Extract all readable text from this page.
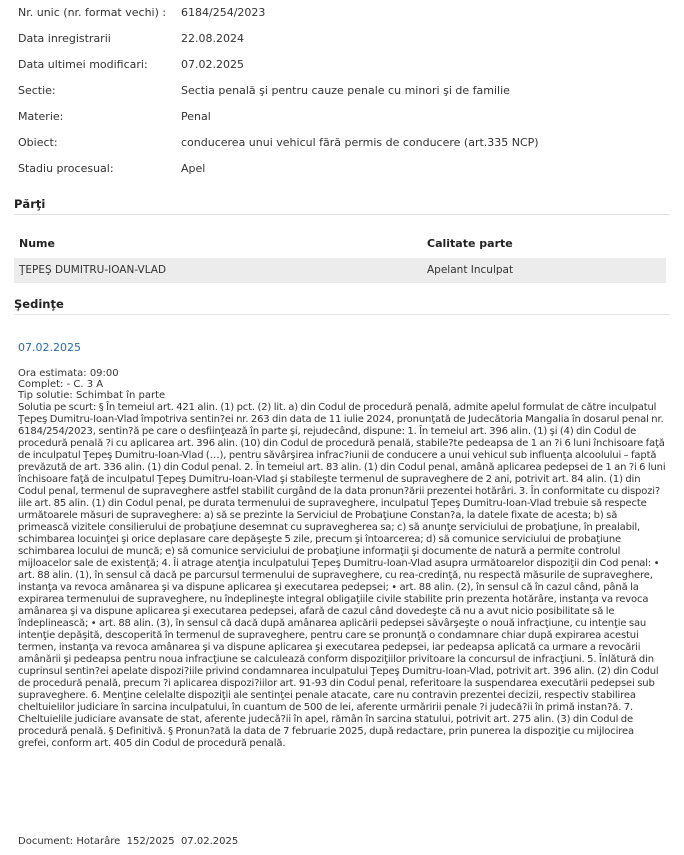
Nr. unic (nr. format vechi) : 6184/254/2023
Data inregistrarii	22.08.2024
Data ultimei modificari:	07.02.2025
Sectie:	Sectia penală şi pentru cauze penale cu minori şi de familie
Materie:	Penal
Obiect:	conducerea unui vehicul fără permis de conducere (art.335 NCP)
Stadiu procesual:	Apel
Părţi
Nume	Calitate parte
ŢEPEŞ DUMITRU-IOAN-VLAD	Apelant Inculpat
Şedinţe
07.02.2025
Ora estimata: 09:00
Complet: - C. 3 A
Tip solutie: Schimbat în parte
Solutia pe scurt: § În temeiul art. 421 alin. (1) pct. (2) lit. a) din Codul de procedură penală, admite apelul formulat de către inculpatul Ţepeş Dumitru-Ioan-Vlad împotriva sentin?ei nr. 263 din data de 11 iulie 2024, pronunţată de Judecătoria Mangalia în dosarul penal nr. 6184/254/2023, sentin?ă pe care o desfiinţează în parte şi, rejudecând, dispune: 1. În temeiul art. 396 alin. (1) şi (4) din Codul de procedură penală ?i cu aplicarea art. 396 alin. (10) din Codul de procedură penală, stabile?te pedeapsa de 1 an ?i 6 luni închisoare faţă de inculpatul Ţepeş Dumitru-Ioan-Vlad (…), pentru săvârşirea infrac?iunii de conducere a unui vehicul sub influenţa alcoolului – faptă prevăzută de art. 336 alin. (1) din Codul penal. 2. În temeiul art. 83 alin. (1) din Codul penal, amână aplicarea pedepsei de 1 an ?i 6 luni închisoare faţă de inculpatul Ţepeş Dumitru-Ioan-Vlad şi stabileşte termenul de supraveghere de 2 ani, potrivit art. 84 alin. (1) din Codul penal, termenul de supraveghere astfel stabilit curgând de la data pronun?ării prezentei hotărâri. 3. În conformitate cu dispozi?iile art. 85 alin. (1) din Codul penal, pe durata termenului de supraveghere, inculpatul Ţepeş Dumitru-Ioan-Vlad trebuie să respecte următoarele măsuri de supraveghere: a) să se prezinte la Serviciul de Probaţiune Constan?a, la datele fixate de acesta; b) să primească vizitele consilierului de probaţiune desemnat cu supravegherea sa; c) să anunţe serviciului de probaţiune, în prealabil, schimbarea locuinţei şi orice deplasare care depăşeşte 5 zile, precum şi întoarcerea; d) să comunice serviciului de probaţiune schimbarea locului de muncă; e) să comunice serviciului de probaţiune informaţii şi documente de natură a permite controlul mijloacelor sale de existenţă; 4. Îi atrage atenţia inculpatului Ţepeş Dumitru-Ioan-Vlad asupra următoarelor dispoziţii din Cod penal: • art. 88 alin. (1), în sensul că dacă pe parcursul termenului de supraveghere, cu rea-credinţă, nu respectă măsurile de supraveghere, instanţa va revoca amânarea şi va dispune aplicarea şi executarea pedepsei; • art. 88 alin. (2), în sensul că în cazul când, până la expirarea termenului de supraveghere, nu îndeplineşte integral obligaţiile civile stabilite prin prezenta hotărâre, instanţa va revoca amânarea şi va dispune aplicarea şi executarea pedepsei, afară de cazul când dovedeşte că nu a avut nicio posibilitate să le îndeplinească; • art. 88 alin. (3), în sensul că dacă după amânarea aplicării pedepsei săvârşeşte o nouă infracţiune, cu intenţie sau intenţie depăşită, descoperită în termenul de supraveghere, pentru care se pronunţă o condamnare chiar după expirarea acestui termen, instanţa va revoca amânarea şi va dispune aplicarea şi executarea pedepsei, iar pedeapsa aplicată ca urmare a revocării amânării şi pedeapsa pentru noua infracţiune se calculează conform dispoziţiilor privitoare la concursul de infracţiuni. 5. Înlătură din cuprinsul sentin?ei apelate dispozi?iile privind condamnarea inculpatului Ţepeş Dumitru-Ioan-Vlad, potrivit art. 396 alin. (2) din Codul de procedură penală, precum ?i aplicarea dispozi?iilor art. 91-93 din Codul penal, referitoare la suspendarea executării pedepsei sub supraveghere. 6. Menţine celelalte dispoziţii ale sentinţei penale atacate, care nu contravin prezentei decizii, respectiv stabilirea cheltuielilor judiciare în sarcina inculpatului, în cuantum de 500 de lei, aferente urmăririi penale ?i judecă?ii în primă instan?ă. 7. Cheltuielile judiciare avansate de stat, aferente judecă?ii în apel, rămân în sarcina statului, potrivit art. 275 alin. (3) din Codul de procedură penală. § Definitivă. § Pronun?ată la data de 7 februarie 2025, după redactare, prin punerea la dispoziţie cu mijlocirea grefei, conform art. 405 din Codul de procedură penală.
Document: Hotarâre  152/2025  07.02.2025
